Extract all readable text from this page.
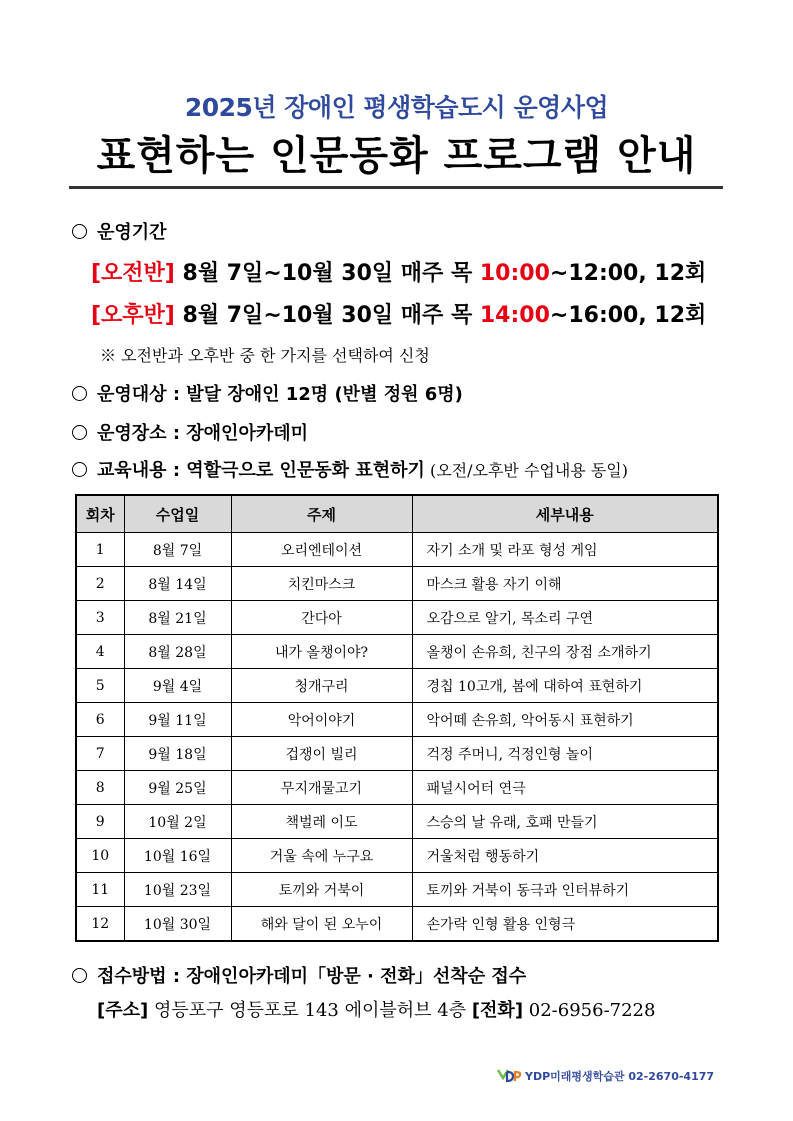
2025년 장애인 평생학습도시 운영사업
표현하는 인문동화 프로그램 안내
운영기간
[오전반] 8월 7일~10월 30일 매주 목 10:00~12:00, 12회
[오후반] 8월 7일~10월 30일 매주 목 14:00~16:00, 12회
※ 오전반과 오후반 중 한 가지를 선택하여 신청
운영대상 : 발달 장애인 12명 (반별 정원 6명)
운영장소 : 장애인아카데미
교육내용 : 역할극으로 인문동화 표현하기 (오전/오후반 수업내용 동일)
회차	수업일	주제	세부내용
1	8월 7일	오리엔테이션	자기 소개 및 라포 형성 게임
2	8월 14일	치킨마스크	마스크 활용 자기 이해
3	8월 21일	간다아	오감으로 알기, 목소리 구연
4	8월 28일	내가 올챙이야?	올챙이 손유희, 친구의 장점 소개하기
5	9월 4일	청개구리	경칩 10고개, 봄에 대하여 표현하기
6	9월 11일	악어이야기	악어떼 손유희, 악어동시 표현하기
7	9월 18일	겁쟁이 빌리	걱정 주머니, 걱정인형 놀이
8	9월 25일	무지개물고기	패널시어터 연극
9	10월 2일	책벌레 이도	스승의 날 유래, 호패 만들기
10	10월 16일	거울 속에 누구요	거울처럼 행동하기
11	10월 23일	토끼와 거북이	토끼와 거북이 동극과 인터뷰하기
12	10월 30일	해와 달이 된 오누이	손가락 인형 활용 인형극
접수방법 : 장애인아카데미「방문 · 전화」선착순 접수
[주소] 영등포구 영등포로 143 에이블허브 4층 [전화] 02-6956-7228
YDP미래평생학습관 02-2670-4177
